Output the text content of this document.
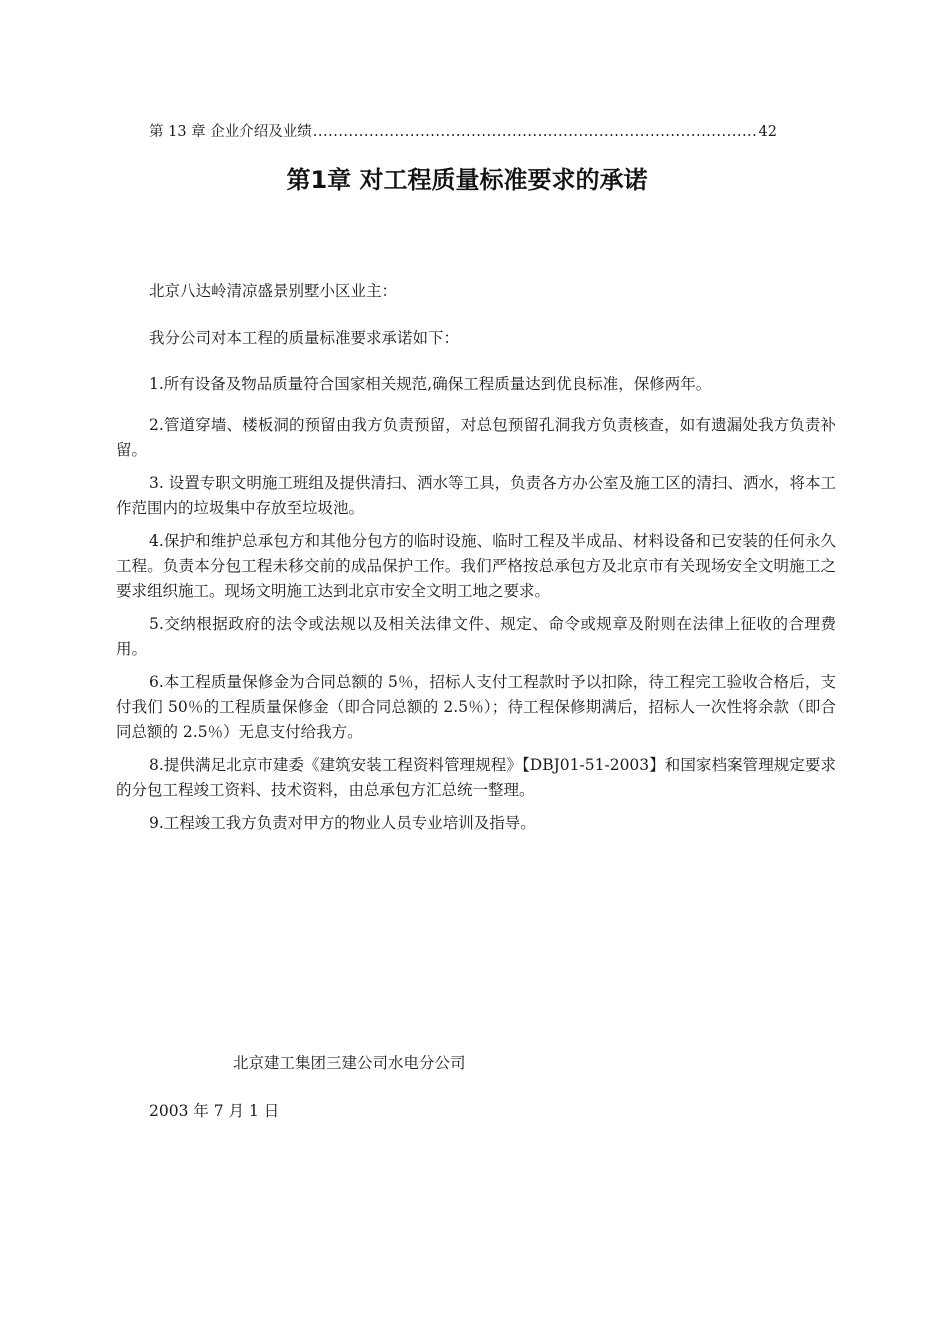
第 13 章 企业介绍及业绩
.....	42
第1章 对工程质量标准要求的承诺
北京八达岭清凉盛景别墅小区业主：
我分公司对本工程的质量标准要求承诺如下：

1.所有设备及物品质量符合国家相关规范,确保工程质量达到优良标准，保修两年。

2.管道穿墙、楼板洞的预留由我方负责预留，对总包预留孔洞我方负责核查，如有遗漏处我方负责补留。

3. 设置专职文明施工班组及提供清扫、洒水等工具，负责各方办公室及施工区的清扫、洒水，将本工作范围内的垃圾集中存放至垃圾池。

4.保护和维护总承包方和其他分包方的临时设施、临时工程及半成品、材料设备和已安装的任何永久工程。负责本分包工程未移交前的成品保护工作。我们严格按总承包方及北京市有关现场安全文明施工之要求组织施工。现场文明施工达到北京市安全文明工地之要求。

5.交纳根据政府的法令或法规以及相关法律文件、规定、命令或规章及附则在法律上征收的合理费用。

6.本工程质量保修金为合同总额的 5％，招标人支付工程款时予以扣除，待工程完工验收合格后，支付我们 50％的工程质量保修金（即合同总额的 2.5％）；待工程保修期满后，招标人一次性将余款（即合同总额的 2.5％）无息支付给我方。

8.提供满足北京市建委《建筑安装工程资料管理规程》【DBJ01-51-2003】和国家档案管理规定要求的分包工程竣工资料、技术资料，由总承包方汇总统一整理。

9.工程竣工我方负责对甲方的物业人员专业培训及指导。

北京建工集团三建公司水电分公司
2003 年 7 月 1 日
